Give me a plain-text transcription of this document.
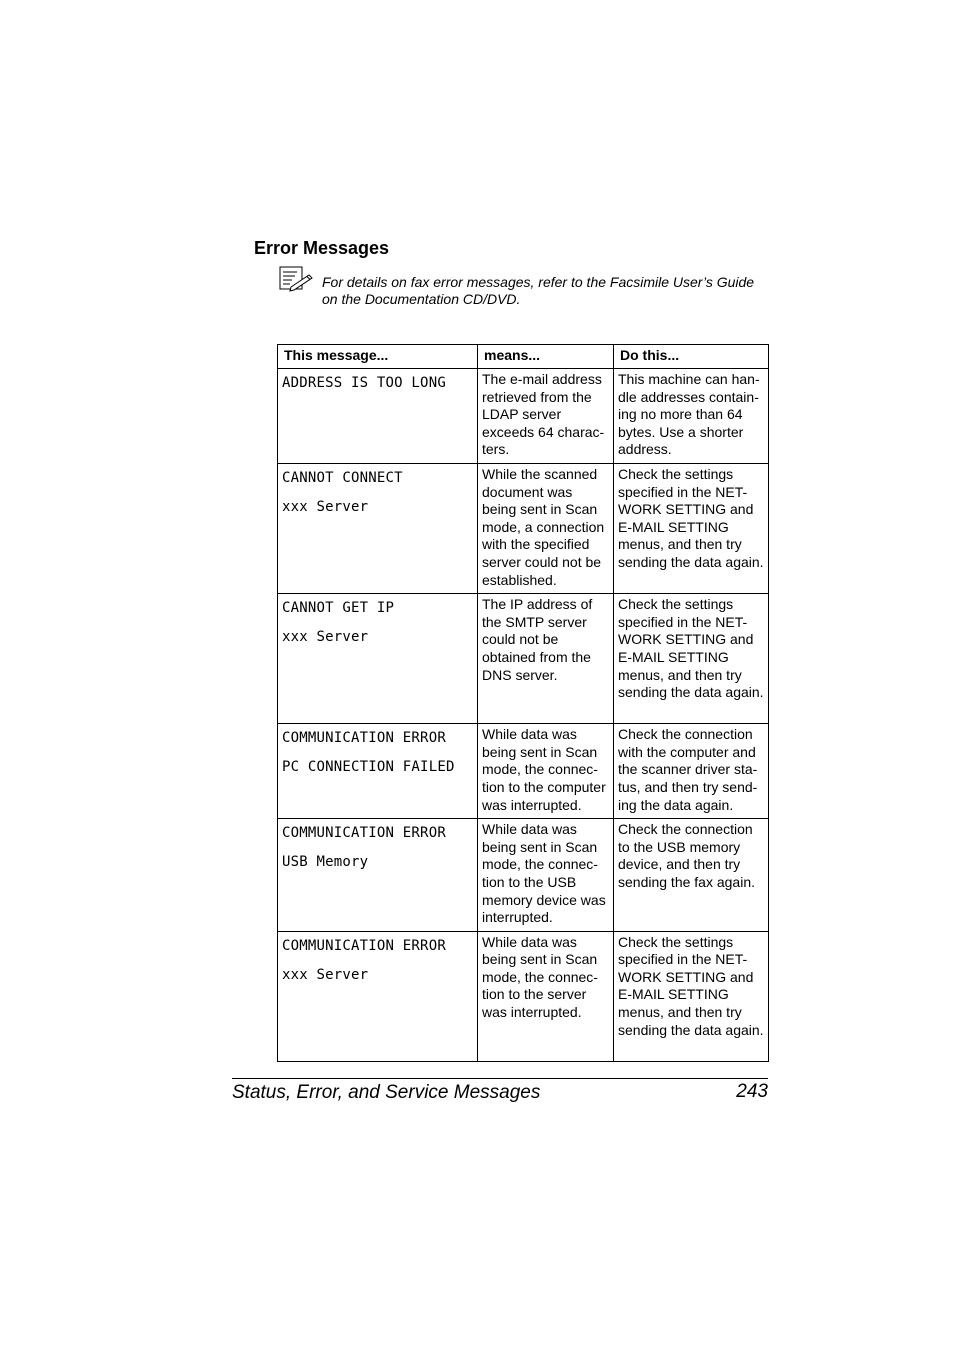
Error Messages

For details on fax error messages, refer to the Facsimile User’s Guide on the Documentation CD/DVD.

This message...	means...	Do this...

ADDRESS IS TOO LONG	The e-mail address retrieved from the LDAP server exceeds 64 charac-ters.	This machine can han-dle addresses contain-ing no more than 64 bytes. Use a shorter address.

CANNOT CONNECT
xxx Server	While the scanned document was being sent in Scan mode, a connection with the specified server could not be established.	Check the settings specified in the NET-WORK SETTING and E-MAIL SETTING menus, and then try sending the data again.

CANNOT GET IP
xxx Server	The IP address of the SMTP server could not be obtained from the DNS server.	Check the settings specified in the NET-WORK SETTING and E-MAIL SETTING menus, and then try sending the data again.

COMMUNICATION ERROR
PC CONNECTION FAILED	While data was being sent in Scan mode, the connec-tion to the computer was interrupted.	Check the connection with the computer and the scanner driver sta-tus, and then try send-ing the data again.

COMMUNICATION ERROR
USB Memory	While data was being sent in Scan mode, the connec-tion to the USB memory device was interrupted.	Check the connection to the USB memory device, and then try sending the fax again.

COMMUNICATION ERROR
xxx Server	While data was being sent in Scan mode, the connec-tion to the server was interrupted.	Check the settings specified in the NET-WORK SETTING and E-MAIL SETTING menus, and then try sending the data again.
Status, Error, and Service Messages	243
